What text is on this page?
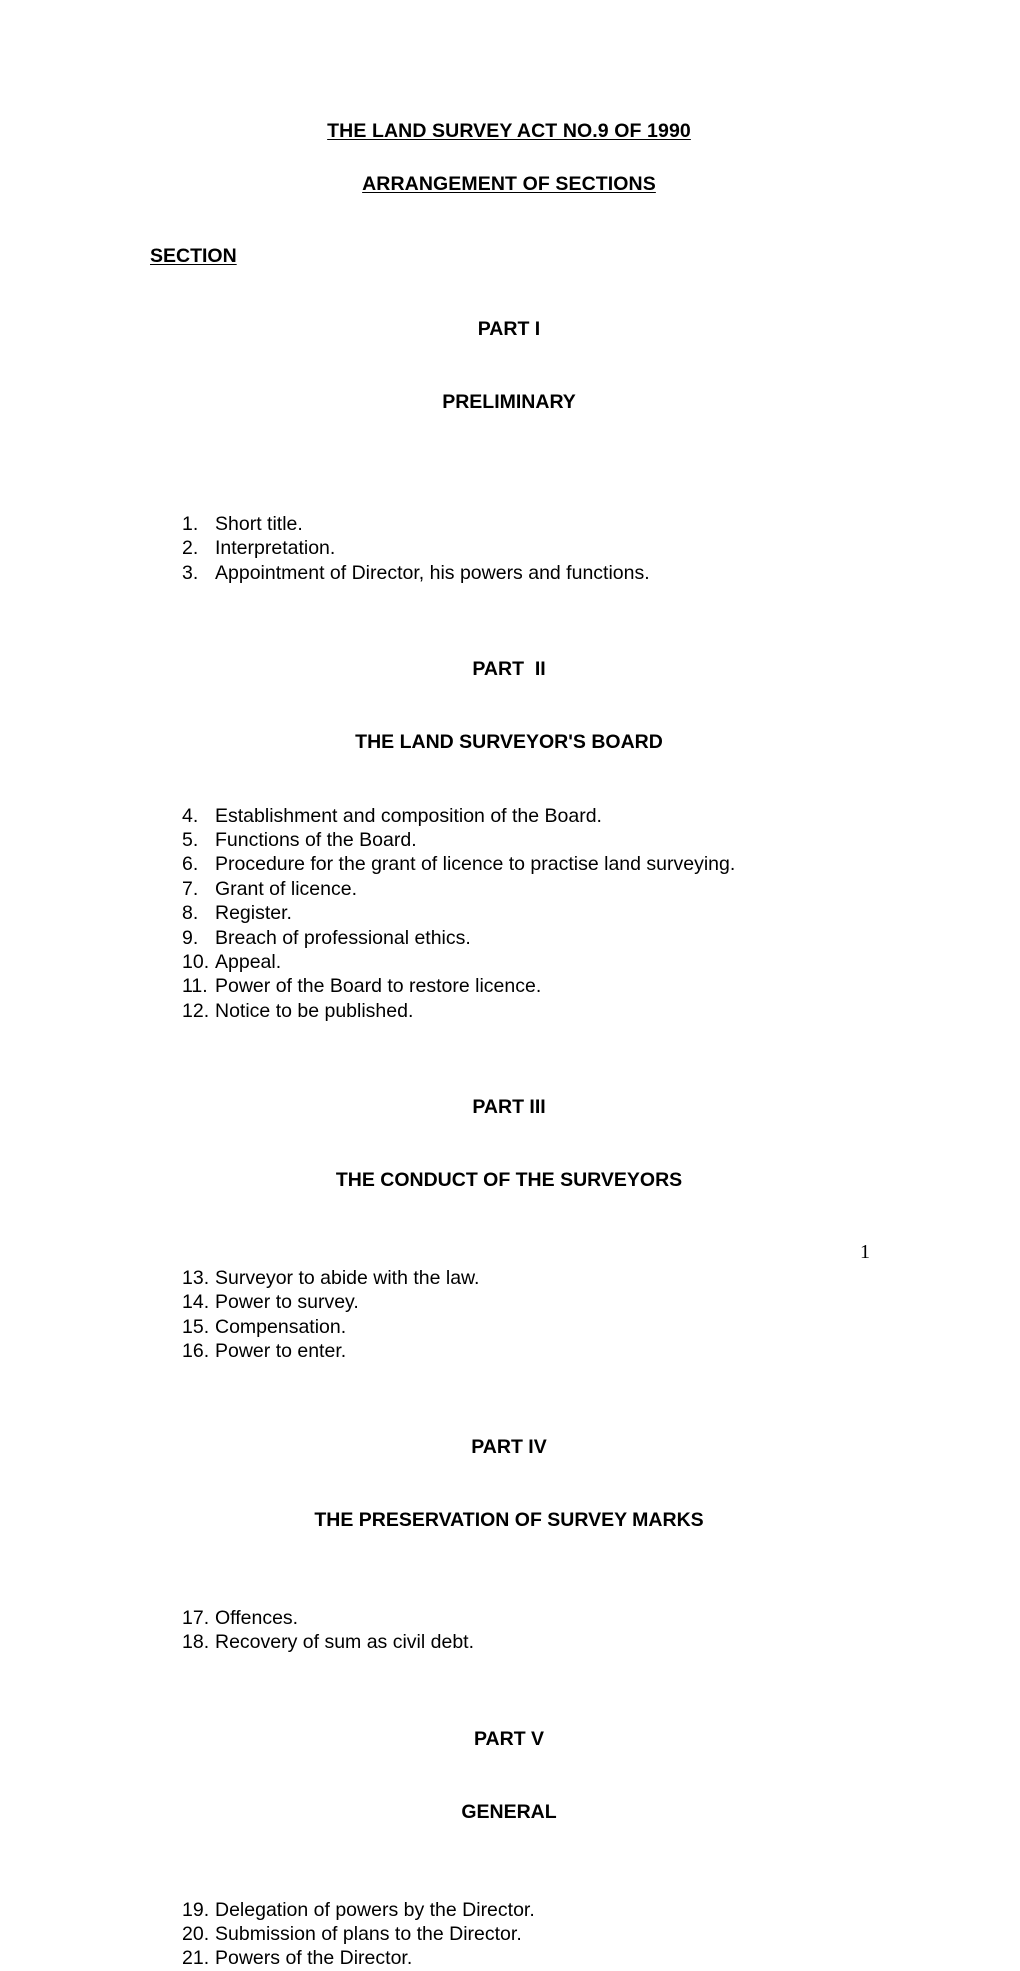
THE LAND SURVEY ACT NO.9 OF 1990
ARRANGEMENT OF SECTIONS
SECTION

PART I

PRELIMINARY

1. Short title.
2. Interpretation.
3. Appointment of Director, his powers and functions.

PART  II

THE LAND SURVEYOR'S BOARD

4. Establishment and composition of the Board.
5. Functions of the Board.
6. Procedure for the grant of licence to practise land surveying.
7. Grant of licence.
8. Register.
9. Breach of professional ethics.
10. Appeal.
11. Power of the Board to restore licence.
12. Notice to be published.

PART III

THE CONDUCT OF THE SURVEYORS

13. Surveyor to abide with the law.
14. Power to survey.
15. Compensation.
16. Power to enter.

PART IV

THE PRESERVATION OF SURVEY MARKS

17. Offences.
18. Recovery of sum as civil debt.

PART V

GENERAL

19. Delegation of powers by the Director.
20. Submission of plans to the Director.
21. Powers of the Director.
1
